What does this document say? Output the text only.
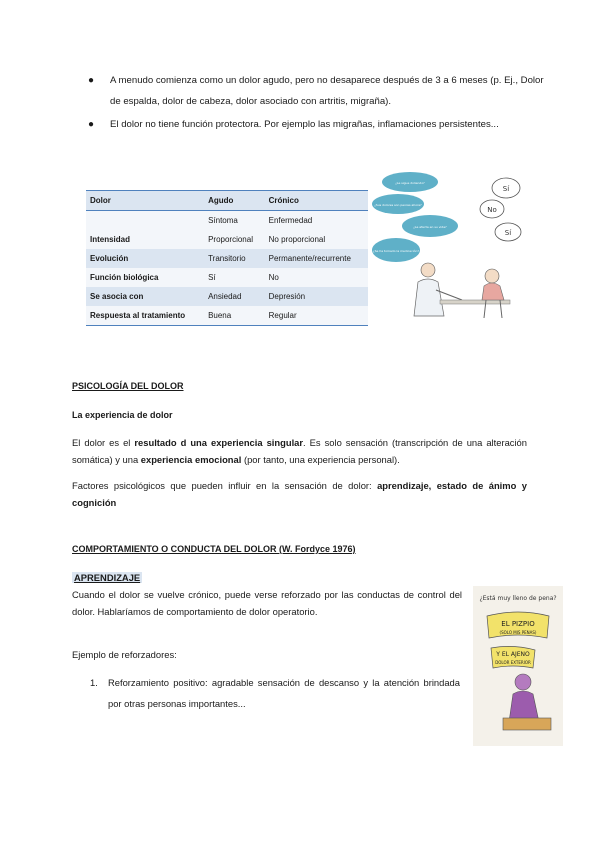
● A menudo comienza como un dolor agudo, pero no desaparece después de 3 a 6 meses (p. Ej., Dolor de espalda, dolor de cabeza, dolor asociado con artritis, migraña).
● El dolor no tiene función protectora. Por ejemplo las migrañas, inflamaciones persistentes...
Dolor	Agudo	Crónico
	Síntoma	Enfermedad
Intensidad	Proporcional	No proporcional
Evolución	Transitorio	Permanente/recurrente
Función biológica	Sí	No
Se asocia con	Ansiedad	Depresión
Respuesta al tratamiento	Buena	Regular
¿Le sigue doliendo?
¿Sus dolores son peores ahora?
¿Le afecta en su vida?
¿Se ha tomado la medicación?
Sí
No
Sí
PSICOLOGÍA DEL DOLOR
La experiencia de dolor

El dolor es el resultado d una experiencia singular. Es solo sensación (transcripción de una alteración somática) y una experiencia emocional (por tanto, una experiencia personal).

Factores psicológicos que pueden influir en la sensación de dolor: aprendizaje, estado de ánimo y cognición

COMPORTAMIENTO O CONDUCTA DEL DOLOR (W. Fordyce 1976)
APRENDIZAJE

Cuando el dolor se vuelve crónico, puede verse reforzado por las conductas de control del dolor. Hablaríamos de comportamiento de dolor operatorio.

Ejemplo de reforzadores:

1. Reforzamiento positivo: agradable sensación de descanso y la atención brindada por otras personas importantes...
¿Está muy lleno de pena?
EL PIZPIO
(SOLO MIS PENAS)
Y EL AJENO
DOLOR EXTERIOR
